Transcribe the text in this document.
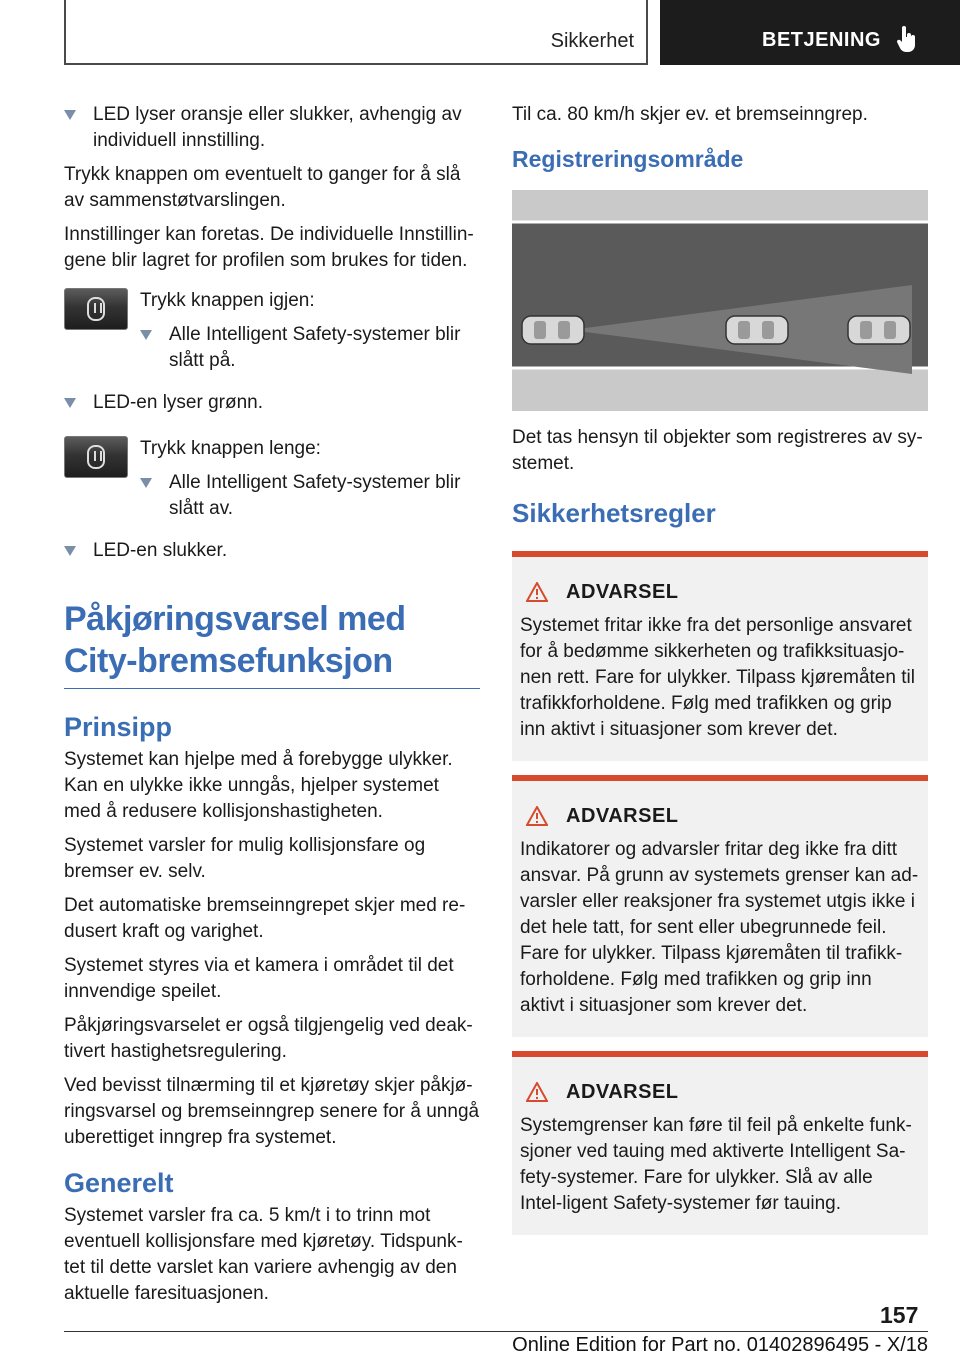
Sikkerhet	BETJENING
LED lyser oransje eller slukker, avhengig av individuell innstilling.

Trykk knappen om eventuelt to ganger for å slå av sammenstøtvarslingen.

Innstillinger kan foretas. De individuelle Innstillin-gene blir lagret for profilen som brukes for tiden.

Trykk knappen igjen:
Alle Intelligent Safety-systemer blir slått på.
LED-en lyser grønn.
Trykk knappen lenge:
Alle Intelligent Safety-systemer blir slått av.
LED-en slukker.
Påkjøringsvarsel med City-bremsefunksjon
Prinsipp

Systemet kan hjelpe med å forebygge ulykker. Kan en ulykke ikke unngås, hjelper systemet med å redusere kollisjonshastigheten.

Systemet varsler for mulig kollisjonsfare og bremser ev. selv.

Det automatiske bremseinngrepet skjer med re-dusert kraft og varighet.

Systemet styres via et kamera i området til det innvendige speilet.

Påkjøringsvarselet er også tilgjengelig ved deak-tivert hastighetsregulering.

Ved bevisst tilnærming til et kjøretøy skjer påkjø-ringsvarsel og bremseinngrep senere for å unngå uberettiget inngrep fra systemet.

Generelt

Systemet varsler fra ca. 5 km/t i to trinn mot eventuell kollisjonsfare med kjøretøy. Tidspunk-tet til dette varslet kan variere avhengig av den aktuelle faresituasjonen.

Til ca. 80 km/h skjer ev. et bremseinngrep.

Registreringsområde

Det tas hensyn til objekter som registreres av sy-stemet.

Sikkerhetsregler
ADVARSEL
Systemet fritar ikke fra det personlige ansvaret for å bedømme sikkerheten og trafikksituasjo-nen rett. Fare for ulykker. Tilpass kjøremåten til trafikkforholdene. Følg med trafikken og grip inn aktivt i situasjoner som krever det.
ADVARSEL
Indikatorer og advarsler fritar deg ikke fra ditt ansvar. På grunn av systemets grenser kan ad-varsler eller reaksjoner fra systemet utgis ikke i det hele tatt, for sent eller ubegrunnede feil. Fare for ulykker. Tilpass kjøremåten til trafikk-forholdene. Følg med trafikken og grip inn aktivt i situasjoner som krever det.
ADVARSEL
Systemgrenser kan føre til feil på enkelte funk-sjoner ved tauing med aktiverte Intelligent Sa-fety-systemer. Fare for ulykker. Slå av alle Intel-ligent Safety-systemer før tauing.
157
Online Edition for Part no. 01402896495 - X/18
